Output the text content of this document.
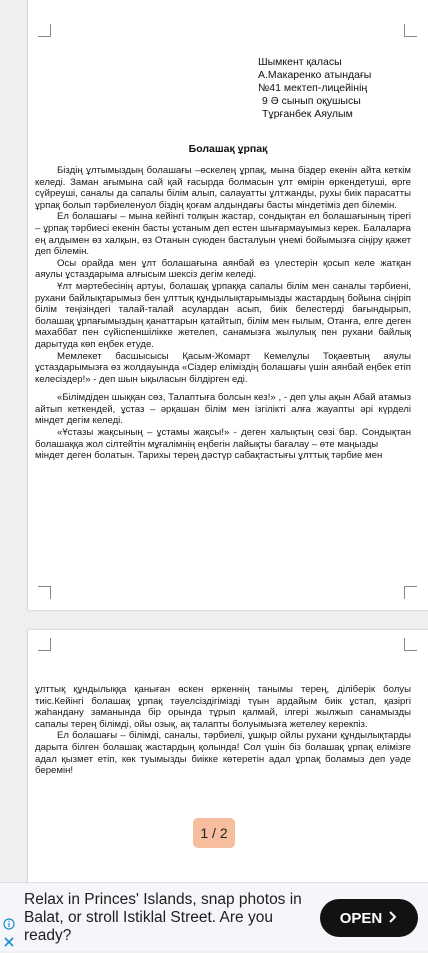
Шымкент қаласы
А.Макаренко атындағы
№41 мектеп-лицейінің
9 Ә сынып оқушысы
Тұрғанбек Аяулым
Болашақ ұрпақ

Біздің ұлтымыздың болашағы –өскелең ұрпақ, мына біздер екенін айта кеткім келеді. Заман ағымына сай қай ғасырда болмасын ұлт өмірін өркендетуші, өрге сүйреуші, саналы да сапалы білім алып, салауатты ұлтжанды, рухы биік парасатты ұрпақ болып тәрбиеленуол біздің қоғам алдындағы басты міндетіміз деп білемін.

Ел болашағы – мына кейінгі толқын жастар, сондықтан ел болашағының тірегі – ұрпақ тәрбиесі екенін басты ұстаным деп естен шығармауымыз керек. Балаларға ең алдымен өз халқын, өз Отанын сүюден басталуын үнемі бойымызға сіңіру қажет деп білемін.

Осы орайда мен ұлт болашағына аянбай өз үлестерін қосып келе жатқан аяулы ұстаздарыма алғысым шексіз дегім келеді.

Ұлт мәртебесінің артуы, болашақ ұрпаққа сапалы білім мен саналы тәрбиені, рухани байлықтарымыз бен ұлттық құндылықтарымызды жастардың бойына сіңіріп білім теңізіндегі талай-талай асулардан асып, биік белестерді бағындырып, болашақ ұрпағымыздың қанаттарын қатайтып, білім мен ғылым, Отанға, елге деген махаббат пен сүйіспеншілікке жетелеп, санамызға жылулық пен рухани байлық дарытуда көп еңбек етуде.

Мемлекет басшысысы Қасым-Жомарт Кемелұлы Тоқаевтың аяулы ұстаздарымызға өз жолдауында «Сіздер еліміздің болашағы үшін аянбай еңбек етіп келесіздер!» - деп шын ықыласын білдірген еді.

«Білімдіден шыққан сөз, Талаптыға болсын кез!» , - деп ұлы ақын Абай атамыз айтып кеткендей, ұстаз – әрқашан білім мен ізгілікті алға жауапты әрі күрделі міндет дегім келеді.

«Ұстазы жақсының – ұстамы жақсы!» - деген халықтың сөзі бар. Сондықтан болашаққа жол сілтейтін мұғалімнің еңбегін лайықты бағалау – өте маңызды

міндет деген болатын. Тарихы терең дәстүр сабақтастығы ұлттық тәрбие мен

ұлттық құндылыққа қаныған өскен өркеннің танымы терең, діліберік болуы тиіс.Кейінгі болашақ ұрпақ тәуелсіздігімізді түын ардайым биік ұстап, қазіргі жаһандану заманында бір орында тұрып қалмай, ілгері жылжып санамызды сапалы терең білімді, ойы озық, ақ талапты болуымызға жетелеу керекпіз.

Ел болашағы – білімді, саналы, тәрбиелі, ұшқыр ойлы рухани құндылықтарды дарыта білген болашақ жастардың қолында! Сол үшін біз болашақ ұрпақ елімізге адал қызмет етіп, көк туымызды биікке көтеретін адал ұрпақ боламыз деп уәде беремін!

1 / 2
Relax in Princes' Islands, snap photos in Balat, or stroll Istiklal Street. Are you ready?
OPEN
